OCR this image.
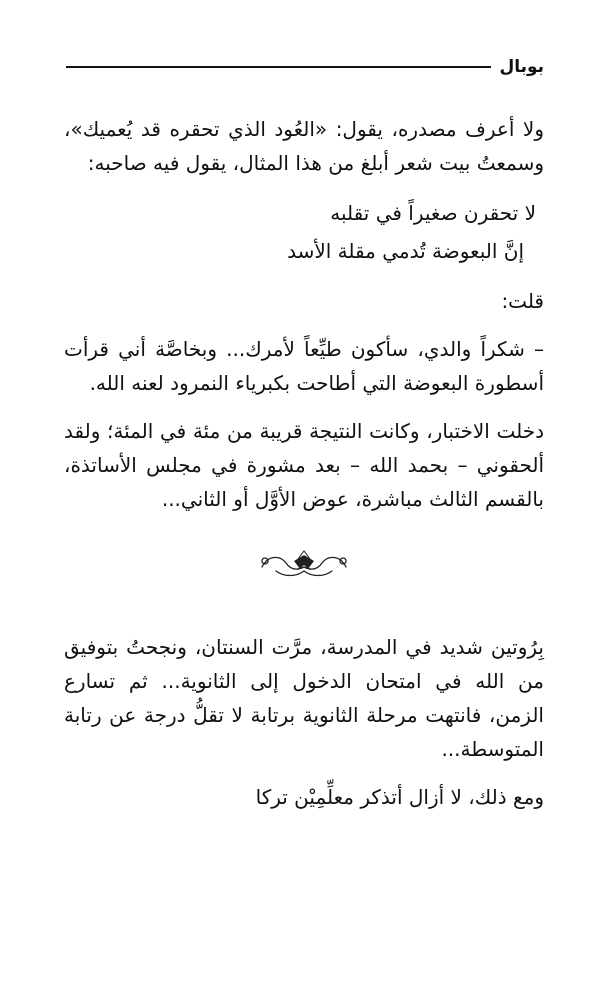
بوبال

ولا أعرف مصدره، يقول: «العُود الذي تحقره قد يُعميك»، وسمعتُ بيت شعر أبلغ من هذا المثال، يقول فيه صاحبه:

لا تحقرن صغيراً في تقلبه
إنَّ البعوضة تُدمي مقلة الأسد

قلت:

– شكراً والدي، سأكون طيِّعاً لأمرك... وبخاصَّة أني قرأت أسطورة البعوضة التي أطاحت بكبرياء النمرود لعنه الله.

دخلت الاختبار، وكانت النتيجة قريبة من مئة في المئة؛ ولقد ألحقوني – بحمد الله – بعد مشورة في مجلس الأساتذة، بالقسم الثالث مباشرة، عوض الأوَّل أو الثاني...

بِرُوتين شديد في المدرسة، مرَّت السنتان، ونجحتُ بتوفيق من الله في امتحان الدخول إلى الثانوية... ثم تسارع الزمن، فانتهت مرحلة الثانوية برتابة لا تقلُّ درجة عن رتابة المتوسطة...

ومع ذلك، لا أزال أتذكر معلِّمِيْن تركا
